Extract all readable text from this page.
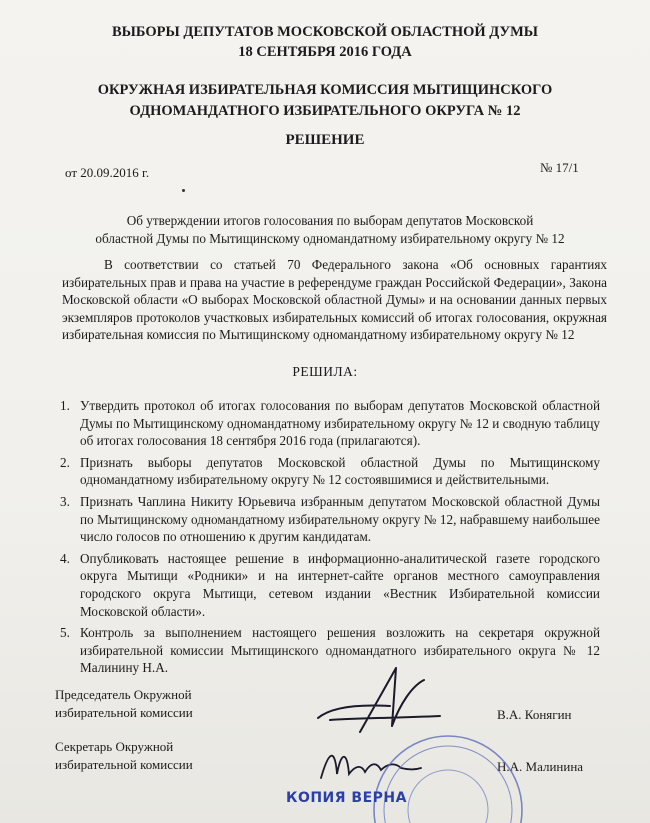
ВЫБОРЫ ДЕПУТАТОВ МОСКОВСКОЙ ОБЛАСТНОЙ ДУМЫ
18 СЕНТЯБРЯ 2016 ГОДА
ОКРУЖНАЯ ИЗБИРАТЕЛЬНАЯ КОМИССИЯ МЫТИЩИНСКОГО
ОДНОМАНДАТНОГО ИЗБИРАТЕЛЬНОГО ОКРУГА № 12
РЕШЕНИЕ
от 20.09.2016 г.	№ 17/1
Об утверждении итогов голосования по выборам депутатов Московской
областной Думы по Мытищинскому одномандатному избирательному округу № 12
В соответствии со статьей 70 Федерального закона «Об основных гарантиях избирательных прав и права на участие в референдуме граждан Российской Федерации», Закона Московской области «О выборах Московской областной Думы» и на основании данных первых экземпляров протоколов участковых избирательных комиссий об итогах голосования, окружная избирательная комиссия по Мытищинскому одномандатному избирательному округу № 12
РЕШИЛА:
1. Утвердить протокол об итогах голосования по выборам депутатов Московской областной Думы по Мытищинскому одномандатному избирательному округу № 12 и сводную таблицу об итогах голосования 18 сентября 2016 года (прилагаются).
2. Признать выборы депутатов Московской областной Думы по Мытищинскому одномандатному избирательному округу № 12 состоявшимися и действительными.
3. Признать Чаплина Никиту Юрьевича избранным депутатом Московской областной Думы по Мытищинскому одномандатному избирательному округу № 12, набравшему наибольшее число голосов по отношению к другим кандидатам.
4. Опубликовать настоящее решение в информационно-аналитической газете городского округа Мытищи «Родники» и на интернет-сайте органов местного самоуправления городского округа Мытищи, сетевом издании «Вестник Избирательной комиссии Московской области».
5. Контроль за выполнением настоящего решения возложить на секретаря окружной избирательной комиссии Мытищинского одномандатного избирательного округа № 12 Малинину Н.А.
Председатель Окружной
избирательной комиссии	В.А. Конягин
Секретарь Окружной
избирательной комиссии	Н.А. Малинина
КОПИЯ ВЕРНА
